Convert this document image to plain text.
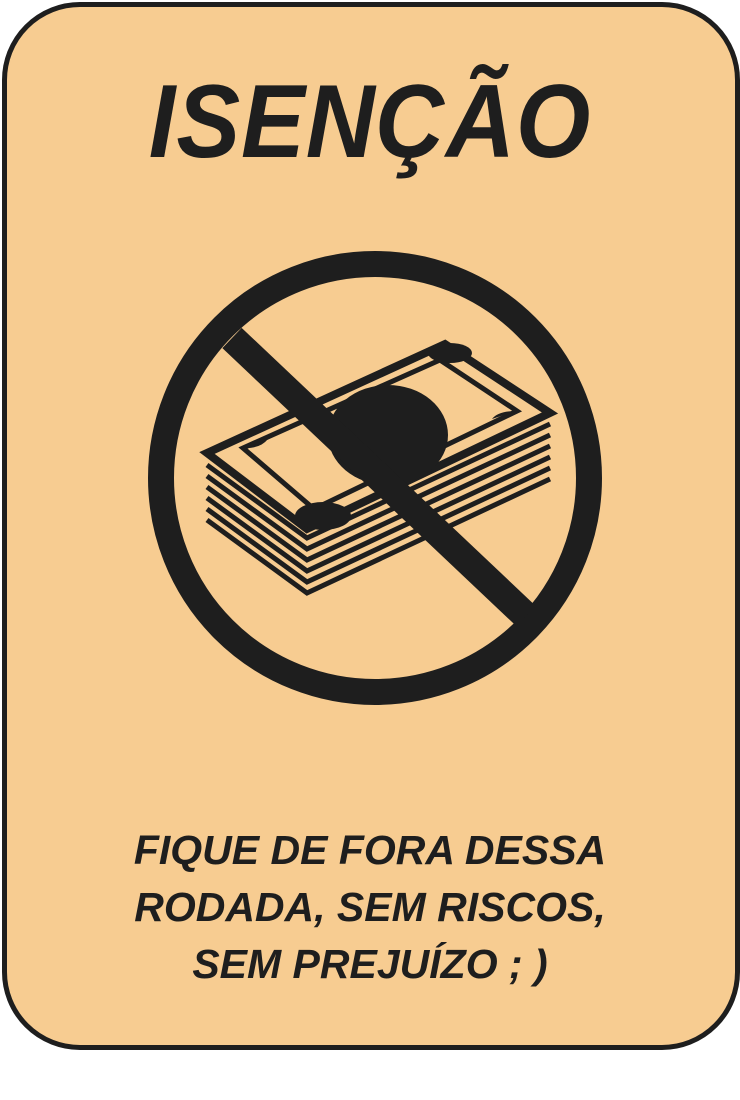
ISENÇÃO
FIQUE DE FORA DESSA
RODADA, SEM RISCOS,
SEM PREJUÍZO ; )
